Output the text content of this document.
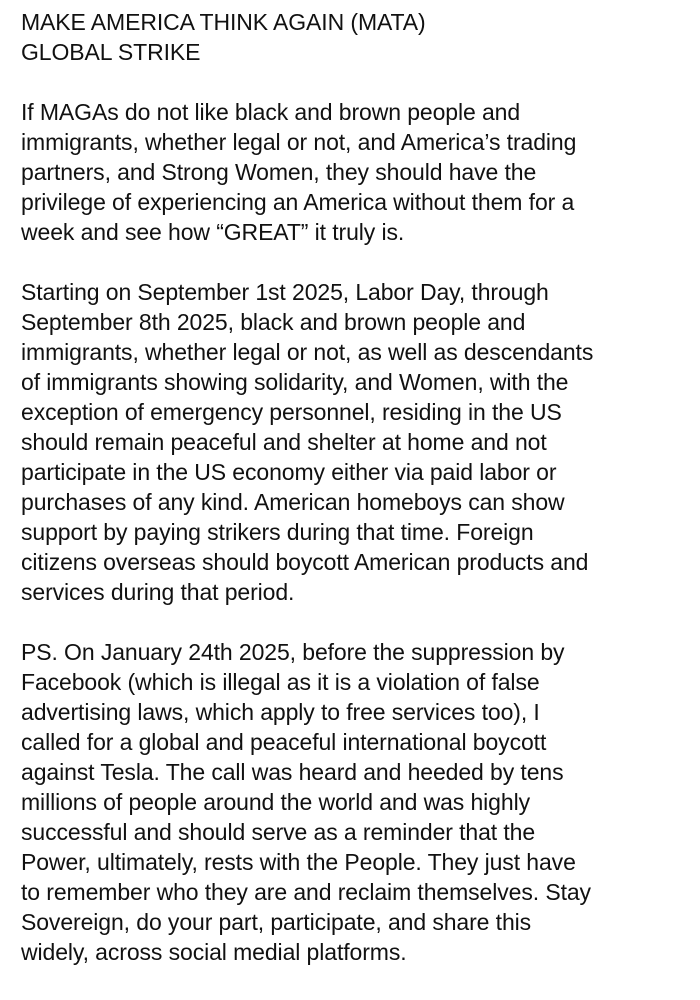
MAKE AMERICA THINK AGAIN (MATA)
GLOBAL STRIKE

If MAGAs do not like black and brown people and
immigrants, whether legal or not, and America’s trading
partners, and Strong Women, they should have the
privilege of experiencing an America without them for a
week and see how “GREAT” it truly is.

Starting on September 1st 2025, Labor Day, through
September 8th 2025, black and brown people and
immigrants, whether legal or not, as well as descendants
of immigrants showing solidarity, and Women, with the
exception of emergency personnel, residing in the US
should remain peaceful and shelter at home and not
participate in the US economy either via paid labor or
purchases of any kind. American homeboys can show
support by paying strikers during that time. Foreign
citizens overseas should boycott American products and
services during that period.

PS. On January 24th 2025, before the suppression by
Facebook (which is illegal as it is a violation of false
advertising laws, which apply to free services too), I
called for a global and peaceful international boycott
against Tesla. The call was heard and heeded by tens
millions of people around the world and was highly
successful and should serve as a reminder that the
Power, ultimately, rests with the People. They just have
to remember who they are and reclaim themselves. Stay
Sovereign, do your part, participate, and share this
widely, across social medial platforms.
